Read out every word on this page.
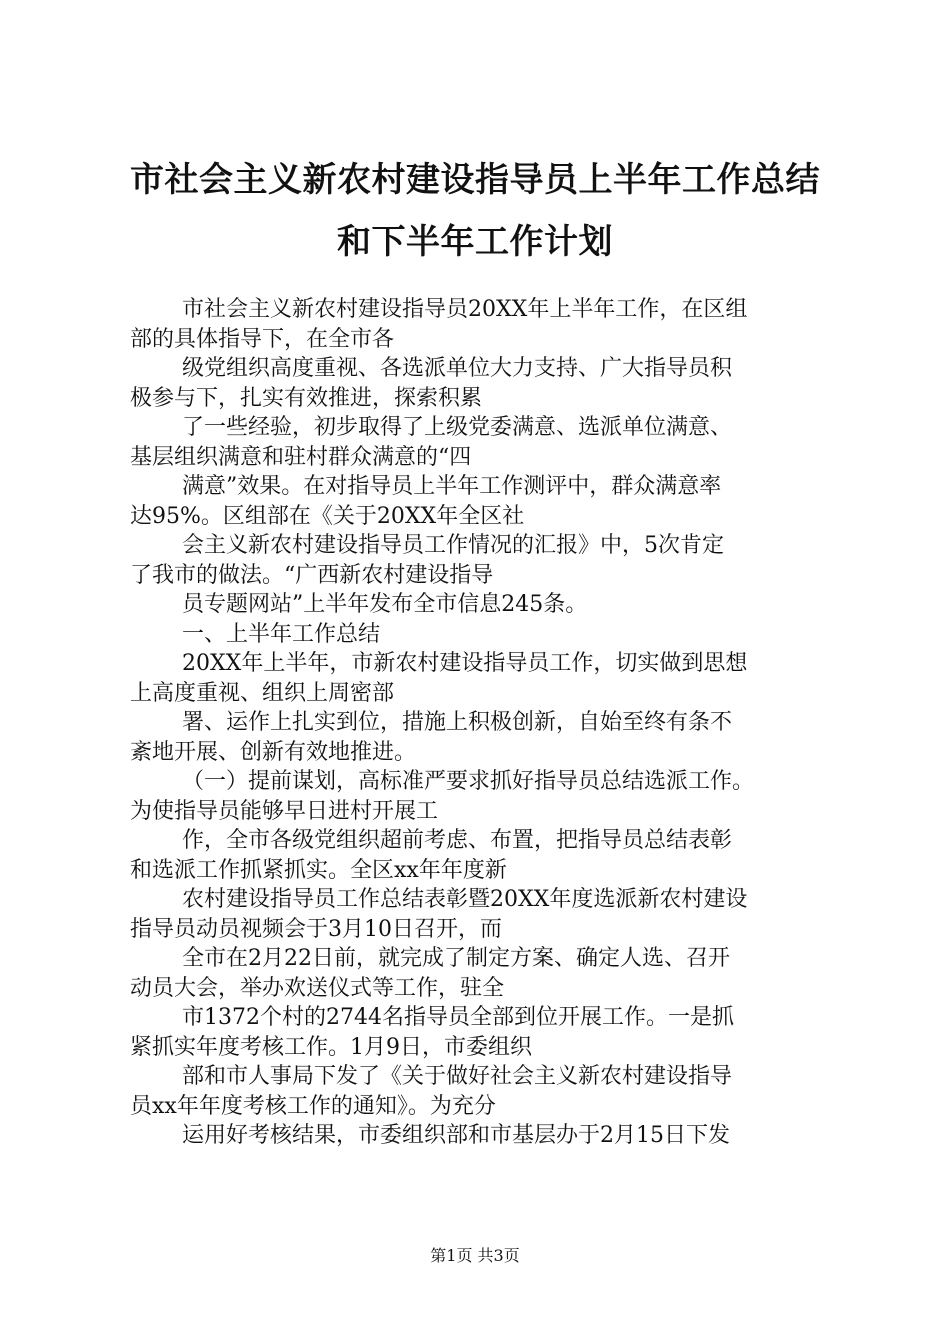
市社会主义新农村建设指导员上半年工作总结
和下半年工作计划
市社会主义新农村建设指导员20XX年上半年工作，在区组
部的具体指导下，在全市各
级党组织高度重视、各选派单位大力支持、广大指导员积
极参与下，扎实有效推进，探索积累
了一些经验，初步取得了上级党委满意、选派单位满意、
基层组织满意和驻村群众满意的“四
满意”效果。在对指导员上半年工作测评中，群众满意率
达95%。区组部在《关于20XX年全区社
会主义新农村建设指导员工作情况的汇报》中，5次肯定
了我市的做法。“广西新农村建设指导
员专题网站”上半年发布全市信息245条。
一、上半年工作总结
20XX年上半年，市新农村建设指导员工作，切实做到思想
上高度重视、组织上周密部
署、运作上扎实到位，措施上积极创新，自始至终有条不
紊地开展、创新有效地推进。
（一）提前谋划，高标准严要求抓好指导员总结选派工作。
为使指导员能够早日进村开展工
作，全市各级党组织超前考虑、布置，把指导员总结表彰
和选派工作抓紧抓实。全区xx年年度新
农村建设指导员工作总结表彰暨20XX年度选派新农村建设
指导员动员视频会于3月10日召开，而
全市在2月22日前，就完成了制定方案、确定人选、召开
动员大会，举办欢送仪式等工作，驻全
市1372个村的2744名指导员全部到位开展工作。一是抓
紧抓实年度考核工作。1月9日，市委组织
部和市人事局下发了《关于做好社会主义新农村建设指导
员xx年年度考核工作的通知》。为充分
运用好考核结果，市委组织部和市基层办于2月15日下发
第1页 共3页
